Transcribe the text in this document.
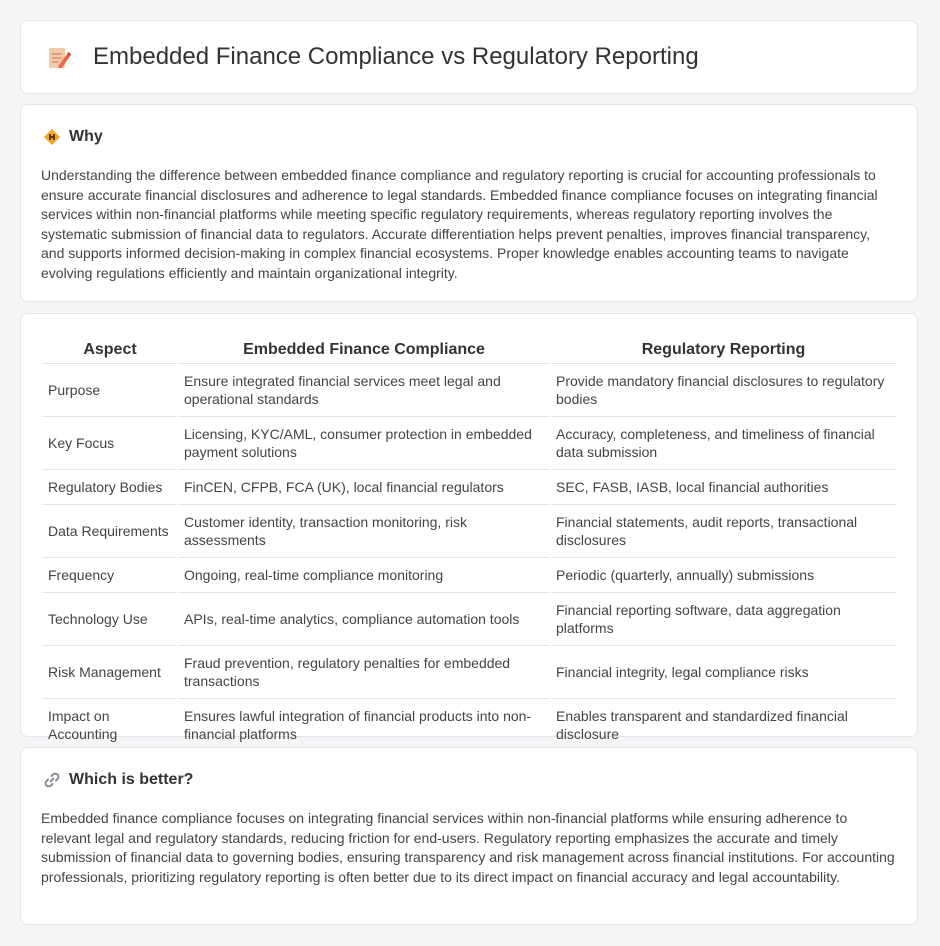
Embedded Finance Compliance vs Regulatory Reporting
Why

Understanding the difference between embedded finance compliance and regulatory reporting is crucial for accounting professionals to ensure accurate financial disclosures and adherence to legal standards. Embedded finance compliance focuses on integrating financial services within non-financial platforms while meeting specific regulatory requirements, whereas regulatory reporting involves the systematic submission of financial data to regulators. Accurate differentiation helps prevent penalties, improves financial transparency, and supports informed decision-making in complex financial ecosystems. Proper knowledge enables accounting teams to navigate evolving regulations efficiently and maintain organizational integrity.

Aspect	Embedded Finance Compliance	Regulatory Reporting
Purpose	Ensure integrated financial services meet legal and operational standards	Provide mandatory financial disclosures to regulatory bodies
Key Focus	Licensing, KYC/AML, consumer protection in embedded payment solutions	Accuracy, completeness, and timeliness of financial data submission
Regulatory Bodies	FinCEN, CFPB, FCA (UK), local financial regulators	SEC, FASB, IASB, local financial authorities
Data Requirements	Customer identity, transaction monitoring, risk assessments	Financial statements, audit reports, transactional disclosures
Frequency	Ongoing, real-time compliance monitoring	Periodic (quarterly, annually) submissions
Technology Use	APIs, real-time analytics, compliance automation tools	Financial reporting software, data aggregation platforms
Risk Management	Fraud prevention, regulatory penalties for embedded transactions	Financial integrity, legal compliance risks
Impact on Accounting	Ensures lawful integration of financial products into non-financial platforms	Enables transparent and standardized financial disclosure
Which is better?

Embedded finance compliance focuses on integrating financial services within non-financial platforms while ensuring adherence to relevant legal and regulatory standards, reducing friction for end-users. Regulatory reporting emphasizes the accurate and timely submission of financial data to governing bodies, ensuring transparency and risk management across financial institutions. For accounting professionals, prioritizing regulatory reporting is often better due to its direct impact on financial accuracy and legal accountability.
